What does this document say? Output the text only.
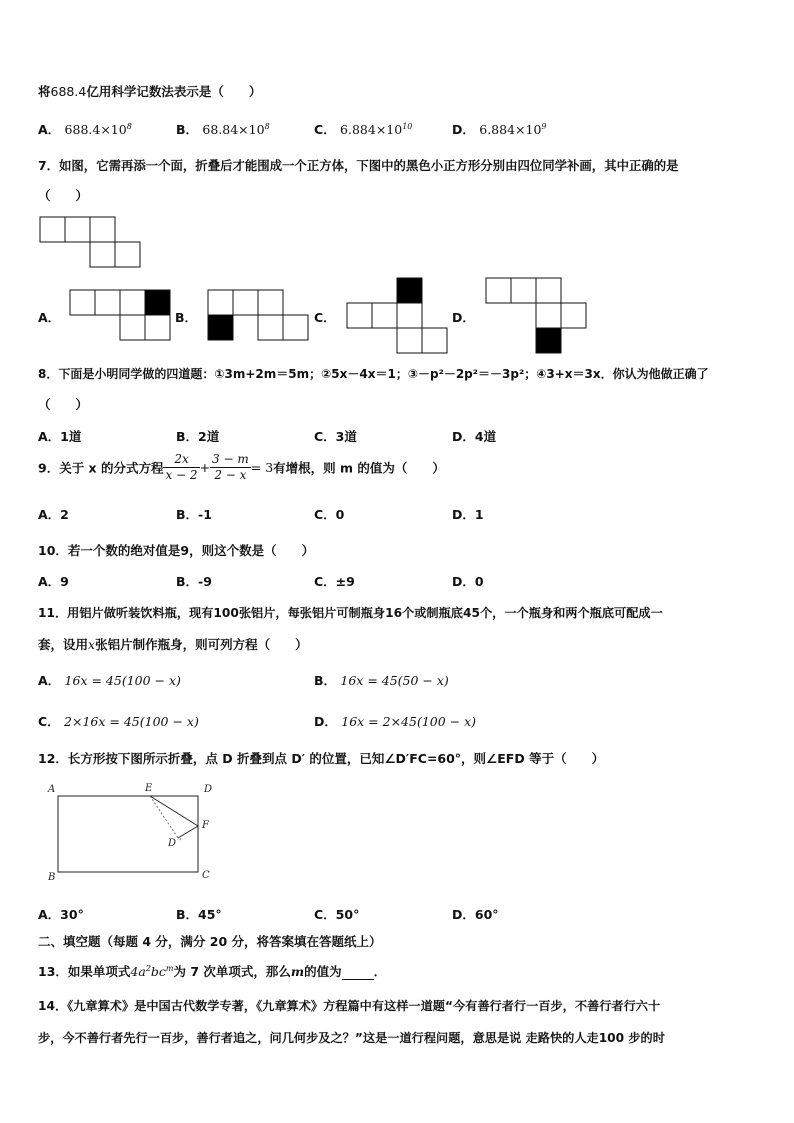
将688.4亿用科学记数法表示是（　　）
A． $688.4\times 10^8$	B． $68.84\times 10^8$	C． $6.884\times 10^{10}$	D． $6.884\times 10^9$
7．如图，它需再添一个面，折叠后才能围成一个正方体，下图中的黑色小正方形分别由四位同学补画，其中正确的是
（　　）
A．	B．	C．	D．
8．下面是小明同学做的四道题：①3m+2m＝5m；②5x－4x＝1；③－p²－2p²＝－3p²；④3+x＝3x．你认为他做正确了
（　　）
A．1道	B．2道	C．3道	D．4道
9．关于 x 的分式方程 $\frac{2x}{x - 2} + \frac{3 - m}{2 - x} = 3$有增根，则 m 的值为（　　）
A．2	B．-1	C．0	D．1
10．若一个数的绝对值是9，则这个数是（　　）
A．9	B．-9	C．±9	D．0
11．用铝片做听装饮料瓶，现有100张铝片，每张铝片可制瓶身16个或制瓶底45个，一个瓶身和两个瓶底可配成一
套，设用x张铝片制作瓶身，则可列方程（　　）
A． 16x = 45(100 − x)	B． 16x = 45(50 − x)
C． 2×16x = 45(100 − x)	D． 16x = 2×45(100 − x)
12．长方形按下图所示折叠，点 D 折叠到点 D′ 的位置，已知∠D′FC=60°，则∠EFD 等于（　　）
A	E	D
F
D ′
B	C
A．30°	B．45°	C．50°	D．60°
二、填空题（每题 4 分，满分 20 分，将答案填在答题纸上）
13．如果单项式$4a^2bc^m$为 7 次单项式，那么m的值为	．
14．《九章算术》是中国古代数学专著，《九章算术》方程篇中有这样一道题“今有善行者行一百步，不善行者行六十
步，今不善行者先行一百步，善行者追之，问几何步及之？”这是一道行程问题，意思是说 走路快的人走100 步的时
